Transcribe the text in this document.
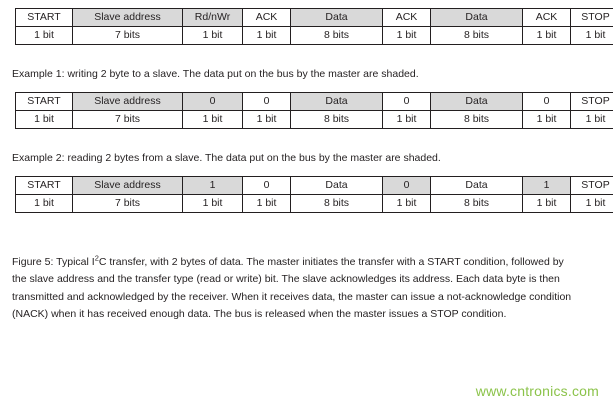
START	Slave address	Rd/nWr	ACK	Data	ACK	Data	ACK	STOP
1 bit	7 bits	1 bit	1 bit	8 bits	1 bit	8 bits	1 bit	1 bit

Example 1: writing 2 byte to a slave. The data put on the bus by the master are shaded.

START	Slave address	0	0	Data	0	Data	0	STOP
1 bit	7 bits	1 bit	1 bit	8 bits	1 bit	8 bits	1 bit	1 bit

Example 2: reading 2 bytes from a slave. The data put on the bus by the master are shaded.

START	Slave address	1	0	Data	0	Data	1	STOP
1 bit	7 bits	1 bit	1 bit	8 bits	1 bit	8 bits	1 bit	1 bit

Figure 5: Typical $I^2C$ transfer, with 2 bytes of data. The master initiates the transfer with a START condition, followed by the slave address and the transfer type (read or write) bit. The slave acknowledges its address. Each data byte is then transmitted and acknowledged by the receiver. When it receives data, the master can issue a not-acknowledge condition (NACK) when it has received enough data. The bus is released when the master issues a STOP condition.

www.cntronics.com
